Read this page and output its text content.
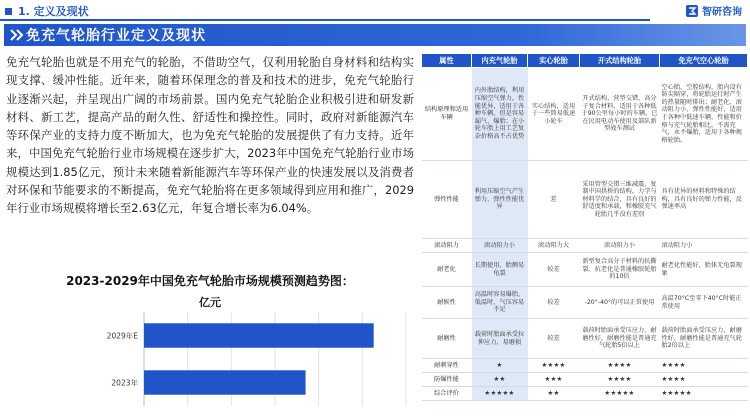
1. 定义及现状	智研咨询
免充气轮胎行业定义及现状

免充气轮胎也就是不用充气的轮胎，不借助空气，仅利用轮胎自身材料和结构实现支撑、缓冲性能。近年来，随着环保理念的普及和技术的进步，免充气轮胎行业逐渐兴起，并呈现出广阔的市场前景。国内免充气轮胎企业积极引进和研发新材料、新工艺，提高产品的耐久性、舒适性和操控性。同时，政府对新能源汽车等环保产业的支持力度不断加大，也为免充气轮胎的发展提供了有力支持。近年来，中国免充气轮胎行业市场规模在逐步扩大，2023年中国免充气轮胎行业市场规模达到1.85亿元，预计未来随着新能源汽车等环保产业的快速发展以及消费者对环保和节能要求的不断提高，免充气轮胎将在更多领域得到应用和推广，2029年行业市场规模将增长至2.63亿元，年复合增长率为6.04%。

2023-2029年中国免充气轮胎市场规模预测趋势图：
亿元
2023年
2029年E
属性	内充气轮胎	实心轮胎	开式结构轮胎	免充气空心轮胎
结构原理和适用车辆	内外胎结构，利用压缩空气弹力，性能优异，适用于各种车辆，但是容易漏气、爆胎；在小轮车胎上用工艺复杂价格高不占优势	实心结构，适用于一些简易低速小轮车	开式结构，营型交错，高分子复合材料，适用于各种低于90公里每小时的车辆，已在民用电动车使用及部队新型战车测试	空心胎，空腔结构，胎内设有防尖隔穿，将轮胎运行时产生的热量随时排出；耐老化、滚动阻力小、弹性性能好，适用于各种中低速车辆，性能和价格与充气轮胎相比，不需充气，永不爆胎，适用于各种规格轮胎。
弹性性能	利用压缩空气产生弹力，弹性性能优异	差	采用管型交错三维减震，复制中国拱桥的结构，力学与材料学的结合，具有良好的舒适度和承载，和橡胶充气轮胎几乎没有差别	具有优异的材料和特殊的结构，具有良好的弹力性能，反弹速率高
滚动阻力	滚动阻力小	滚动阻力大	滚动阻力小	滚动阻力小
耐老化	长期使用，胎侧易龟裂	较差	新型复合高分子材料的抗撕裂、抗老化是普通橡胶轮胎的10倍	耐老化性能好，胎体无龟裂现象
耐候性	高温时容易爆胎，低温时，气压容易不足	较差	-20°-40°的可以正常使用	高温70°C至零下40°C时能正常使用
耐磨性	载荷时胎面承受拉伸应力，易磨损	较差	载荷时胎面承受压应力，耐磨性好，耐磨性能是普通充气轮胎5倍以上	载荷时胎面承受压应力，耐磨性好，耐磨性能是普通充气轮胎2倍以上
耐刺穿性	★	★★★★	★★★★	★★★★
防爆性能	★★	★★★	★★★★	★★★★
综合评价	★★★★★	★★	★★★★★	★★★★★
